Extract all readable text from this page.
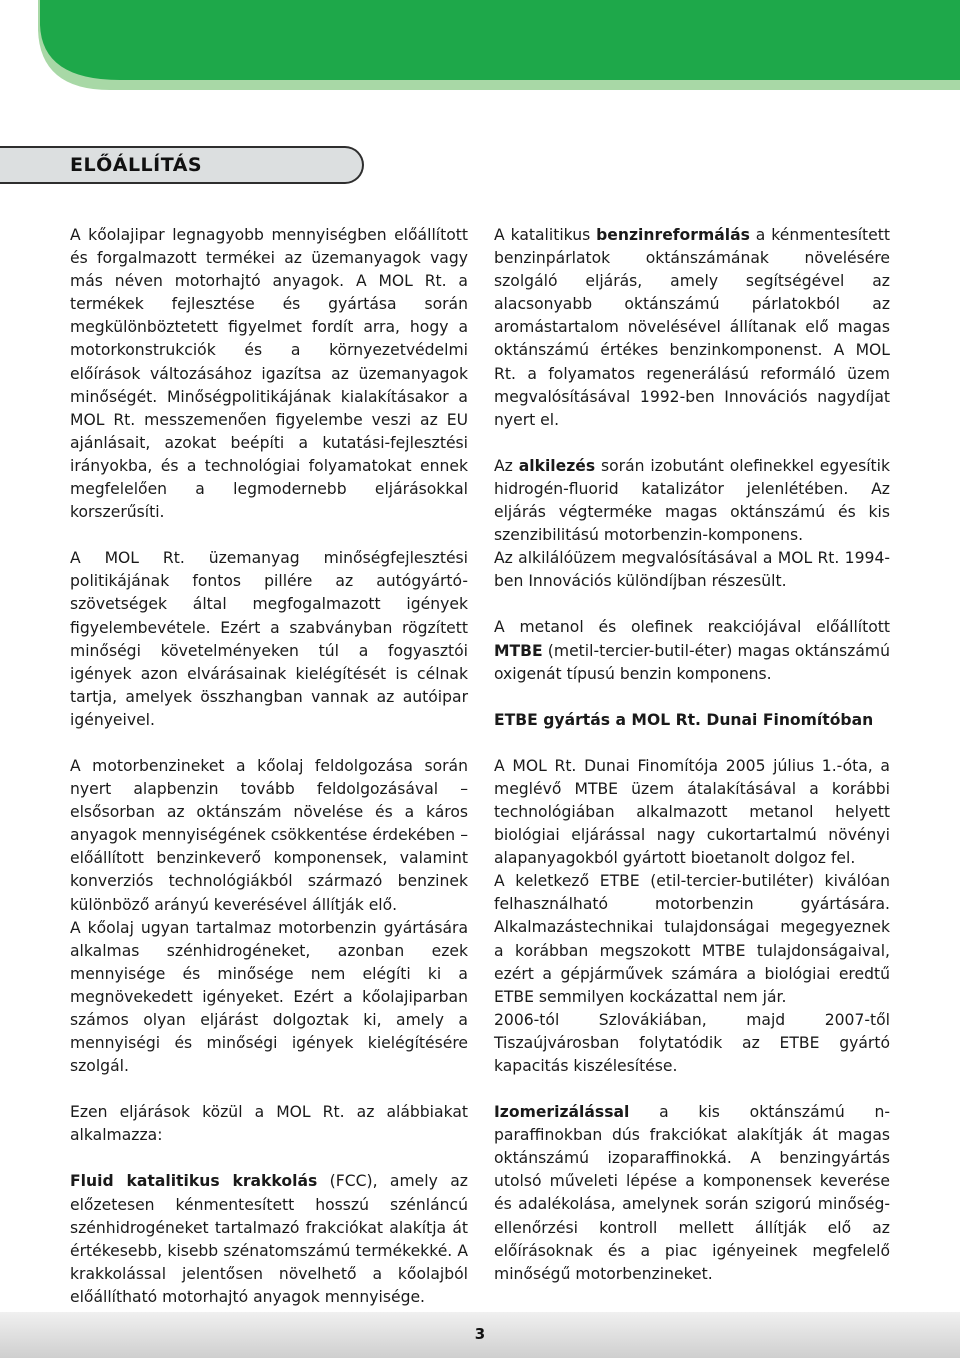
ELŐÁLLÍTÁS

A kőolajipar legnagyobb mennyiségben előállított és forgalmazott termékei az üzemanyagok vagy más néven motorhajtó anyagok. A MOL Rt. a termékek fejlesztése és gyártása során megkülönböztetett figyelmet fordít arra, hogy a motorkonstrukciók és a környezetvédelmi előírások változásához igazítsa az üzemanyagok minőségét. Minőségpolitikájának kialakításakor a MOL Rt. messzemenően figyelembe veszi az EU ajánlásait, azokat beépíti a kutatási-fejlesztési irányokba, és a technológiai folyamatokat ennek megfelelően a legmodernebb eljárásokkal korszerűsíti.

A MOL Rt. üzemanyag minőségfejlesztési politikájának fontos pillére az autógyártó-szövetségek által megfogalmazott igények figyelembevétele. Ezért a szabványban rögzített minőségi követelményeken túl a fogyasztói igények azon elvárásainak kielégítését is célnak tartja, amelyek összhangban vannak az autóipar igényeivel.

A motorbenzineket a kőolaj feldolgozása során nyert alapbenzin tovább feldolgozásával – elsősorban az oktánszám növelése és a káros anyagok mennyiségének csökkentése érdekében – előállított benzinkeverő komponensek, valamint konverziós technológiákból származó benzinek különböző arányú keverésével állítják elő.

A kőolaj ugyan tartalmaz motorbenzin gyártására alkalmas szénhidrogéneket, azonban ezek mennyisége és minősége nem elégíti ki a megnövekedett igényeket. Ezért a kőolajiparban számos olyan eljárást dolgoztak ki, amely a mennyiségi és minőségi igények kielégítésére szolgál.

Ezen eljárások közül a MOL Rt. az alábbiakat alkalmazza:

Fluid katalitikus krakkolás (FCC), amely az előzetesen kénmentesített hosszú szénláncú szénhidrogéneket tartalmazó frakciókat alakítja át értékesebb, kisebb szénatomszámú termékekké. A krakkolással jelentősen növelhető a kőolajból előállítható motorhajtó anyagok mennyisége.

A katalitikus benzinreformálás a kénmentesített benzinpárlatok oktánszámának növelésére szolgáló eljárás, amely segítségével az alacsonyabb oktánszámú párlatokból az aromástartalom növelésével állítanak elő magas oktánszámú értékes benzinkomponenst. A MOL Rt. a folyamatos regenerálású reformáló üzem megvalósításával 1992-ben Innovációs nagydíjat nyert el.

Az alkilezés során izobutánt olefinekkel egyesítik hidrogén-fluorid katalizátor jelenlétében. Az eljárás végterméke magas oktánszámú és kis szenzibilitású motorbenzin-komponens.

Az alkilálóüzem megvalósításával a MOL Rt. 1994-ben Innovációs különdíjban részesült.

A metanol és olefinek reakciójával előállított MTBE (metil-tercier-butil-éter) magas oktánszámú oxigenát típusú benzin komponens.

ETBE gyártás a MOL Rt. Dunai Finomítóban

A MOL Rt. Dunai Finomítója 2005 július 1.-óta, a meglévő MTBE üzem átalakításával a korábbi technológiában alkalmazott metanol helyett biológiai eljárással nagy cukortartalmú növényi alapanyagokból gyártott bioetanolt dolgoz fel.

A keletkező ETBE (etil-tercier-butiléter) kiválóan felhasználható motorbenzin gyártására. Alkalmazástechnikai tulajdonságai megegyeznek a korábban megszokott MTBE tulajdonságaival, ezért a gépjárművek számára a biológiai eredtű ETBE semmilyen kockázattal nem jár.

2006-tól Szlovákiában, majd 2007-től Tiszaújvárosban folytatódik az ETBE gyártó kapacitás kiszélesítése.

Izomerizálással a kis oktánszámú n-paraffinokban dús frakciókat alakítják át magas oktánszámú izoparaffinokká. A benzingyártás utolsó műveleti lépése a komponensek keverése és adalékolása, amelynek során szigorú minőség-ellenőrzési kontroll mellett állítják elő az előírásoknak és a piac igényeinek megfelelő minőségű motorbenzineket.

3
